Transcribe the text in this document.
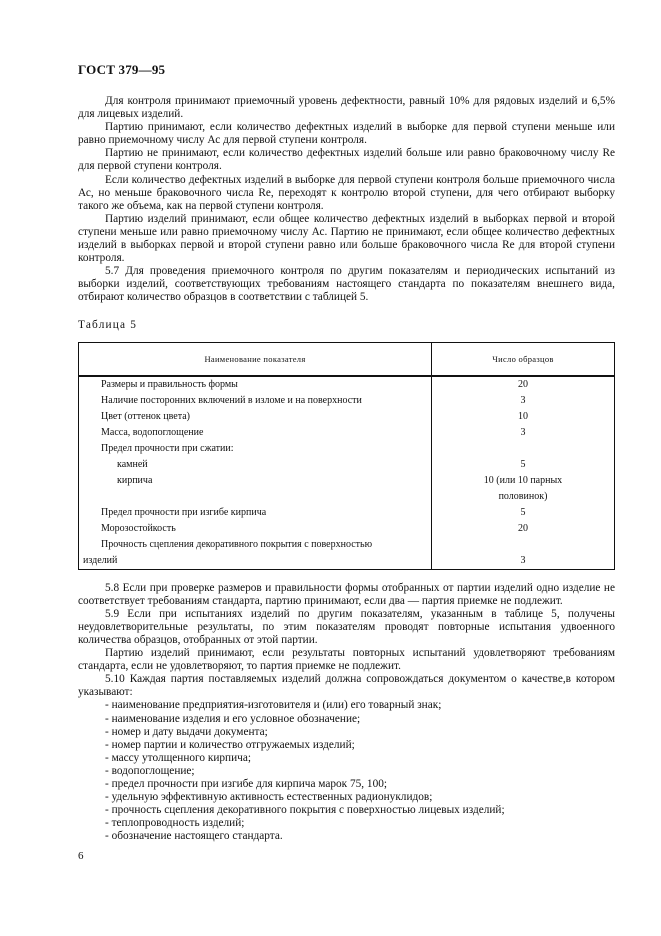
ГОСТ 379—95

Для контроля принимают приемочный уровень дефектности, равный 10% для рядовых изделий и 6,5% для лицевых изделий.

Партию принимают, если количество дефектных изделий в выборке для первой ступени меньше или равно приемочному числу Ас для первой ступени контроля.

Партию не принимают, если количество дефектных изделий больше или равно браковочному числу Re для первой ступени контроля.

Если количество дефектных изделий в выборке для первой ступени контроля больше приемочного числа Ас, но меньше браковочного числа Re, переходят к контролю второй ступени, для чего отбирают выборку такого же объема, как на первой ступени контроля.

Партию изделий принимают, если общее количество дефектных изделий в выборках первой и второй ступени меньше или равно приемочному числу Ас. Партию не принимают, если общее количество дефектных изделий в выборках первой и второй ступени равно или больше браковочного числа Re для второй ступени контроля.

5.7 Для проведения приемочного контроля по другим показателям и периодических испытаний из выборки изделий, соответствующих требованиям настоящего стандарта по показателям внешнего вида, отбирают количество образцов в соответствии с таблицей 5.

Таблица 5

Наименование показателя	Число образцов
Размеры и правильность формы	20
Наличие посторонних включений в изломе и на поверхности	3
Цвет (оттенок цвета)	10
Масса, водопоглощение	3
Предел прочности при сжатии:	
камней	5
кирпича	10 (или 10 парных
	половинок)
Предел прочности при изгибе кирпича	5
Морозостойкость	20
Прочность сцепления декоративного покрытия с поверхностью	
изделий	3

5.8 Если при проверке размеров и правильности формы отобранных от партии изделий одно изделие не соответствует требованиям стандарта, партию принимают, если два — партия приемке не подлежит.

5.9 Если при испытаниях изделий по другим показателям, указанным в таблице 5, получены неудовлетворительные результаты, по этим показателям проводят повторные испытания удвоенного количества образцов, отобранных от этой партии.

Партию изделий принимают, если результаты повторных испытаний удовлетворяют требованиям стандарта, если не удовлетворяют, то партия приемке не подлежит.

5.10 Каждая партия поставляемых изделий должна сопровождаться документом о качестве,в котором указывают:

- наименование предприятия-изготовителя и (или) его товарный знак;
- наименование изделия и его условное обозначение;
- номер и дату выдачи документа;
- номер партии и количество отгружаемых изделий;
- массу утолщенного кирпича;
- водопоглощение;
- предел прочности при изгибе для кирпича марок 75, 100;
- удельную эффективную активность естественных радионуклидов;
- прочность сцепления декоративного покрытия с поверхностью лицевых изделий;
- теплопроводность изделий;
- обозначение настоящего стандарта.
6
